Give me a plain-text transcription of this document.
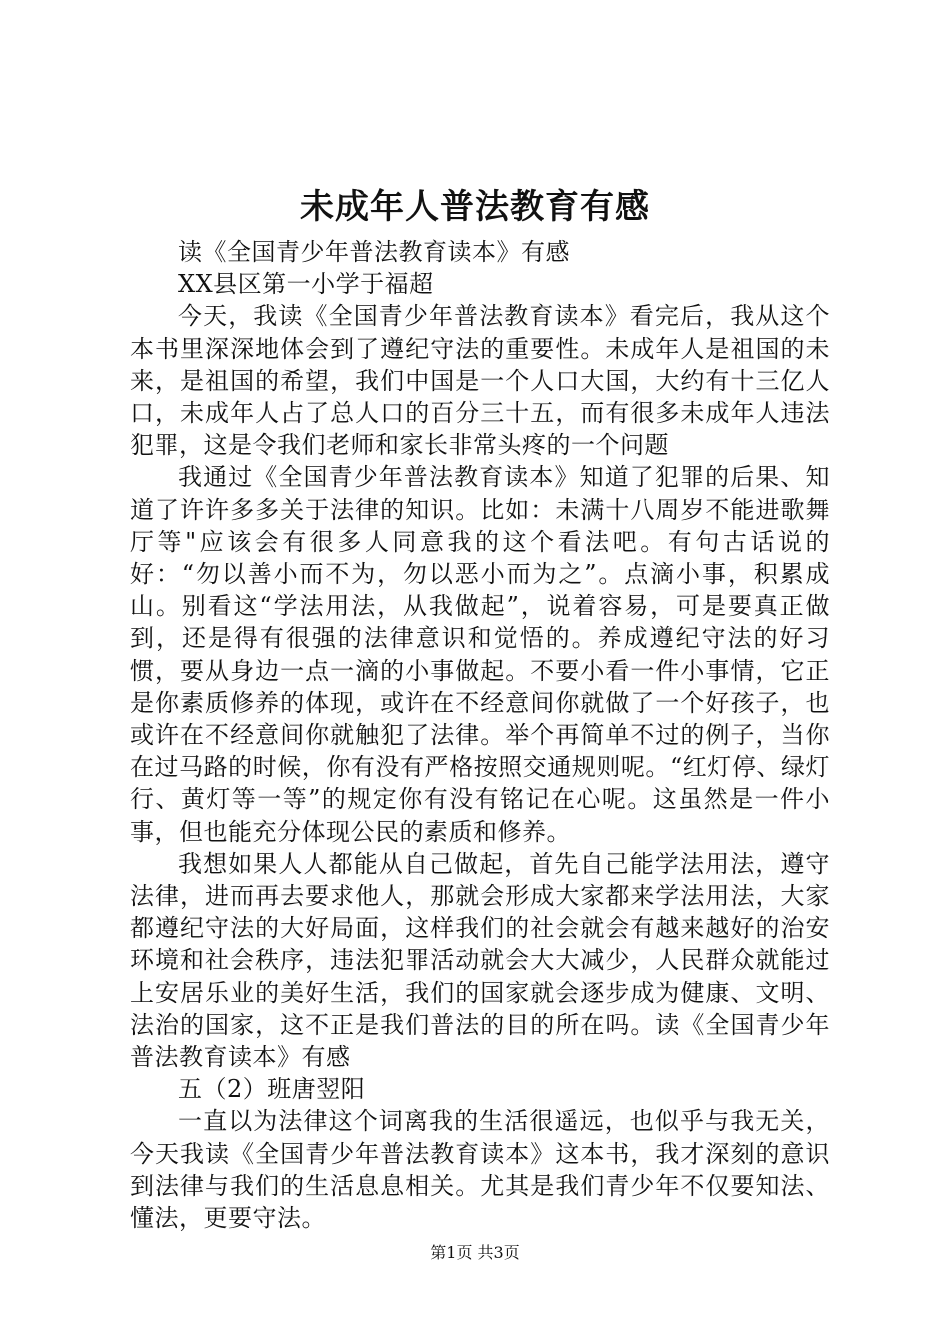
未成年人普法教育有感

读《全国青少年普法教育读本》有感

XX县区第一小学于福超

今天，我读《全国青少年普法教育读本》看完后，我从这个本书里深深地体会到了遵纪守法的重要性。未成年人是祖国的未来，是祖国的希望，我们中国是一个人口大国，大约有十三亿人口，未成年人占了总人口的百分三十五，而有很多未成年人违法犯罪，这是令我们老师和家长非常头疼的一个问题

我通过《全国青少年普法教育读本》知道了犯罪的后果、知道了许许多多关于法律的知识。比如：未满十八周岁不能进歌舞厅等"应该会有很多人同意我的这个看法吧。有句古话说的好：“勿以善小而不为，勿以恶小而为之”。点滴小事，积累成山。别看这“学法用法，从我做起”，说着容易，可是要真正做到，还是得有很强的法律意识和觉悟的。养成遵纪守法的好习惯，要从身边一点一滴的小事做起。不要小看一件小事情，它正是你素质修养的体现，或许在不经意间你就做了一个好孩子，也或许在不经意间你就触犯了法律。举个再简单不过的例子，当你在过马路的时候，你有没有严格按照交通规则呢。“红灯停、绿灯行、黄灯等一等”的规定你有没有铭记在心呢。这虽然是一件小事，但也能充分体现公民的素质和修养。

我想如果人人都能从自己做起，首先自己能学法用法，遵守法律，进而再去要求他人，那就会形成大家都来学法用法，大家都遵纪守法的大好局面，这样我们的社会就会有越来越好的治安环境和社会秩序，违法犯罪活动就会大大减少，人民群众就能过上安居乐业的美好生活，我们的国家就会逐步成为健康、文明、法治的国家，这不正是我们普法的目的所在吗。读《全国青少年普法教育读本》有感

五（2）班唐翌阳

一直以为法律这个词离我的生活很遥远，也似乎与我无关，今天我读《全国青少年普法教育读本》这本书，我才深刻的意识到法律与我们的生活息息相关。尤其是我们青少年不仅要知法、懂法，更要守法。

第1页 共3页
